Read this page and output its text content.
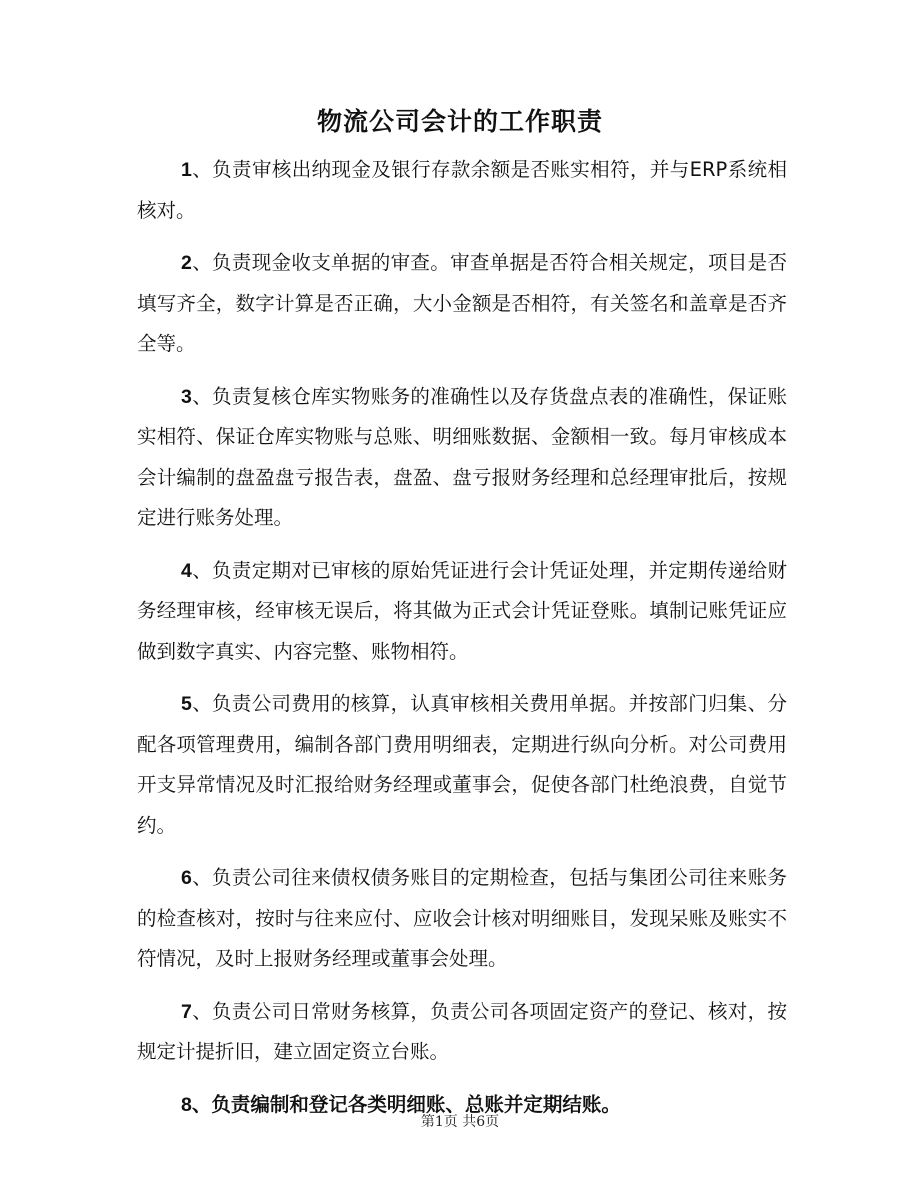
物流公司会计的工作职责

1、负责审核出纳现金及银行存款余额是否账实相符，并与ERP系统相核对。

2、负责现金收支单据的审查。审查单据是否符合相关规定，项目是否填写齐全，数字计算是否正确，大小金额是否相符，有关签名和盖章是否齐全等。

3、负责复核仓库实物账务的准确性以及存货盘点表的准确性，保证账实相符、保证仓库实物账与总账、明细账数据、金额相一致。每月审核成本会计编制的盘盈盘亏报告表，盘盈、盘亏报财务经理和总经理审批后，按规定进行账务处理。

4、负责定期对已审核的原始凭证进行会计凭证处理，并定期传递给财务经理审核，经审核无误后，将其做为正式会计凭证登账。填制记账凭证应做到数字真实、内容完整、账物相符。

5、负责公司费用的核算，认真审核相关费用单据。并按部门归集、分配各项管理费用，编制各部门费用明细表，定期进行纵向分析。对公司费用开支异常情况及时汇报给财务经理或董事会，促使各部门杜绝浪费，自觉节约。

6、负责公司往来债权债务账目的定期检查，包括与集团公司往来账务的检查核对，按时与往来应付、应收会计核对明细账目，发现呆账及账实不符情况，及时上报财务经理或董事会处理。

7、负责公司日常财务核算，负责公司各项固定资产的登记、核对，按规定计提折旧，建立固定资立台账。

8、负责编制和登记各类明细账、总账并定期结账。

第1页 共6页
